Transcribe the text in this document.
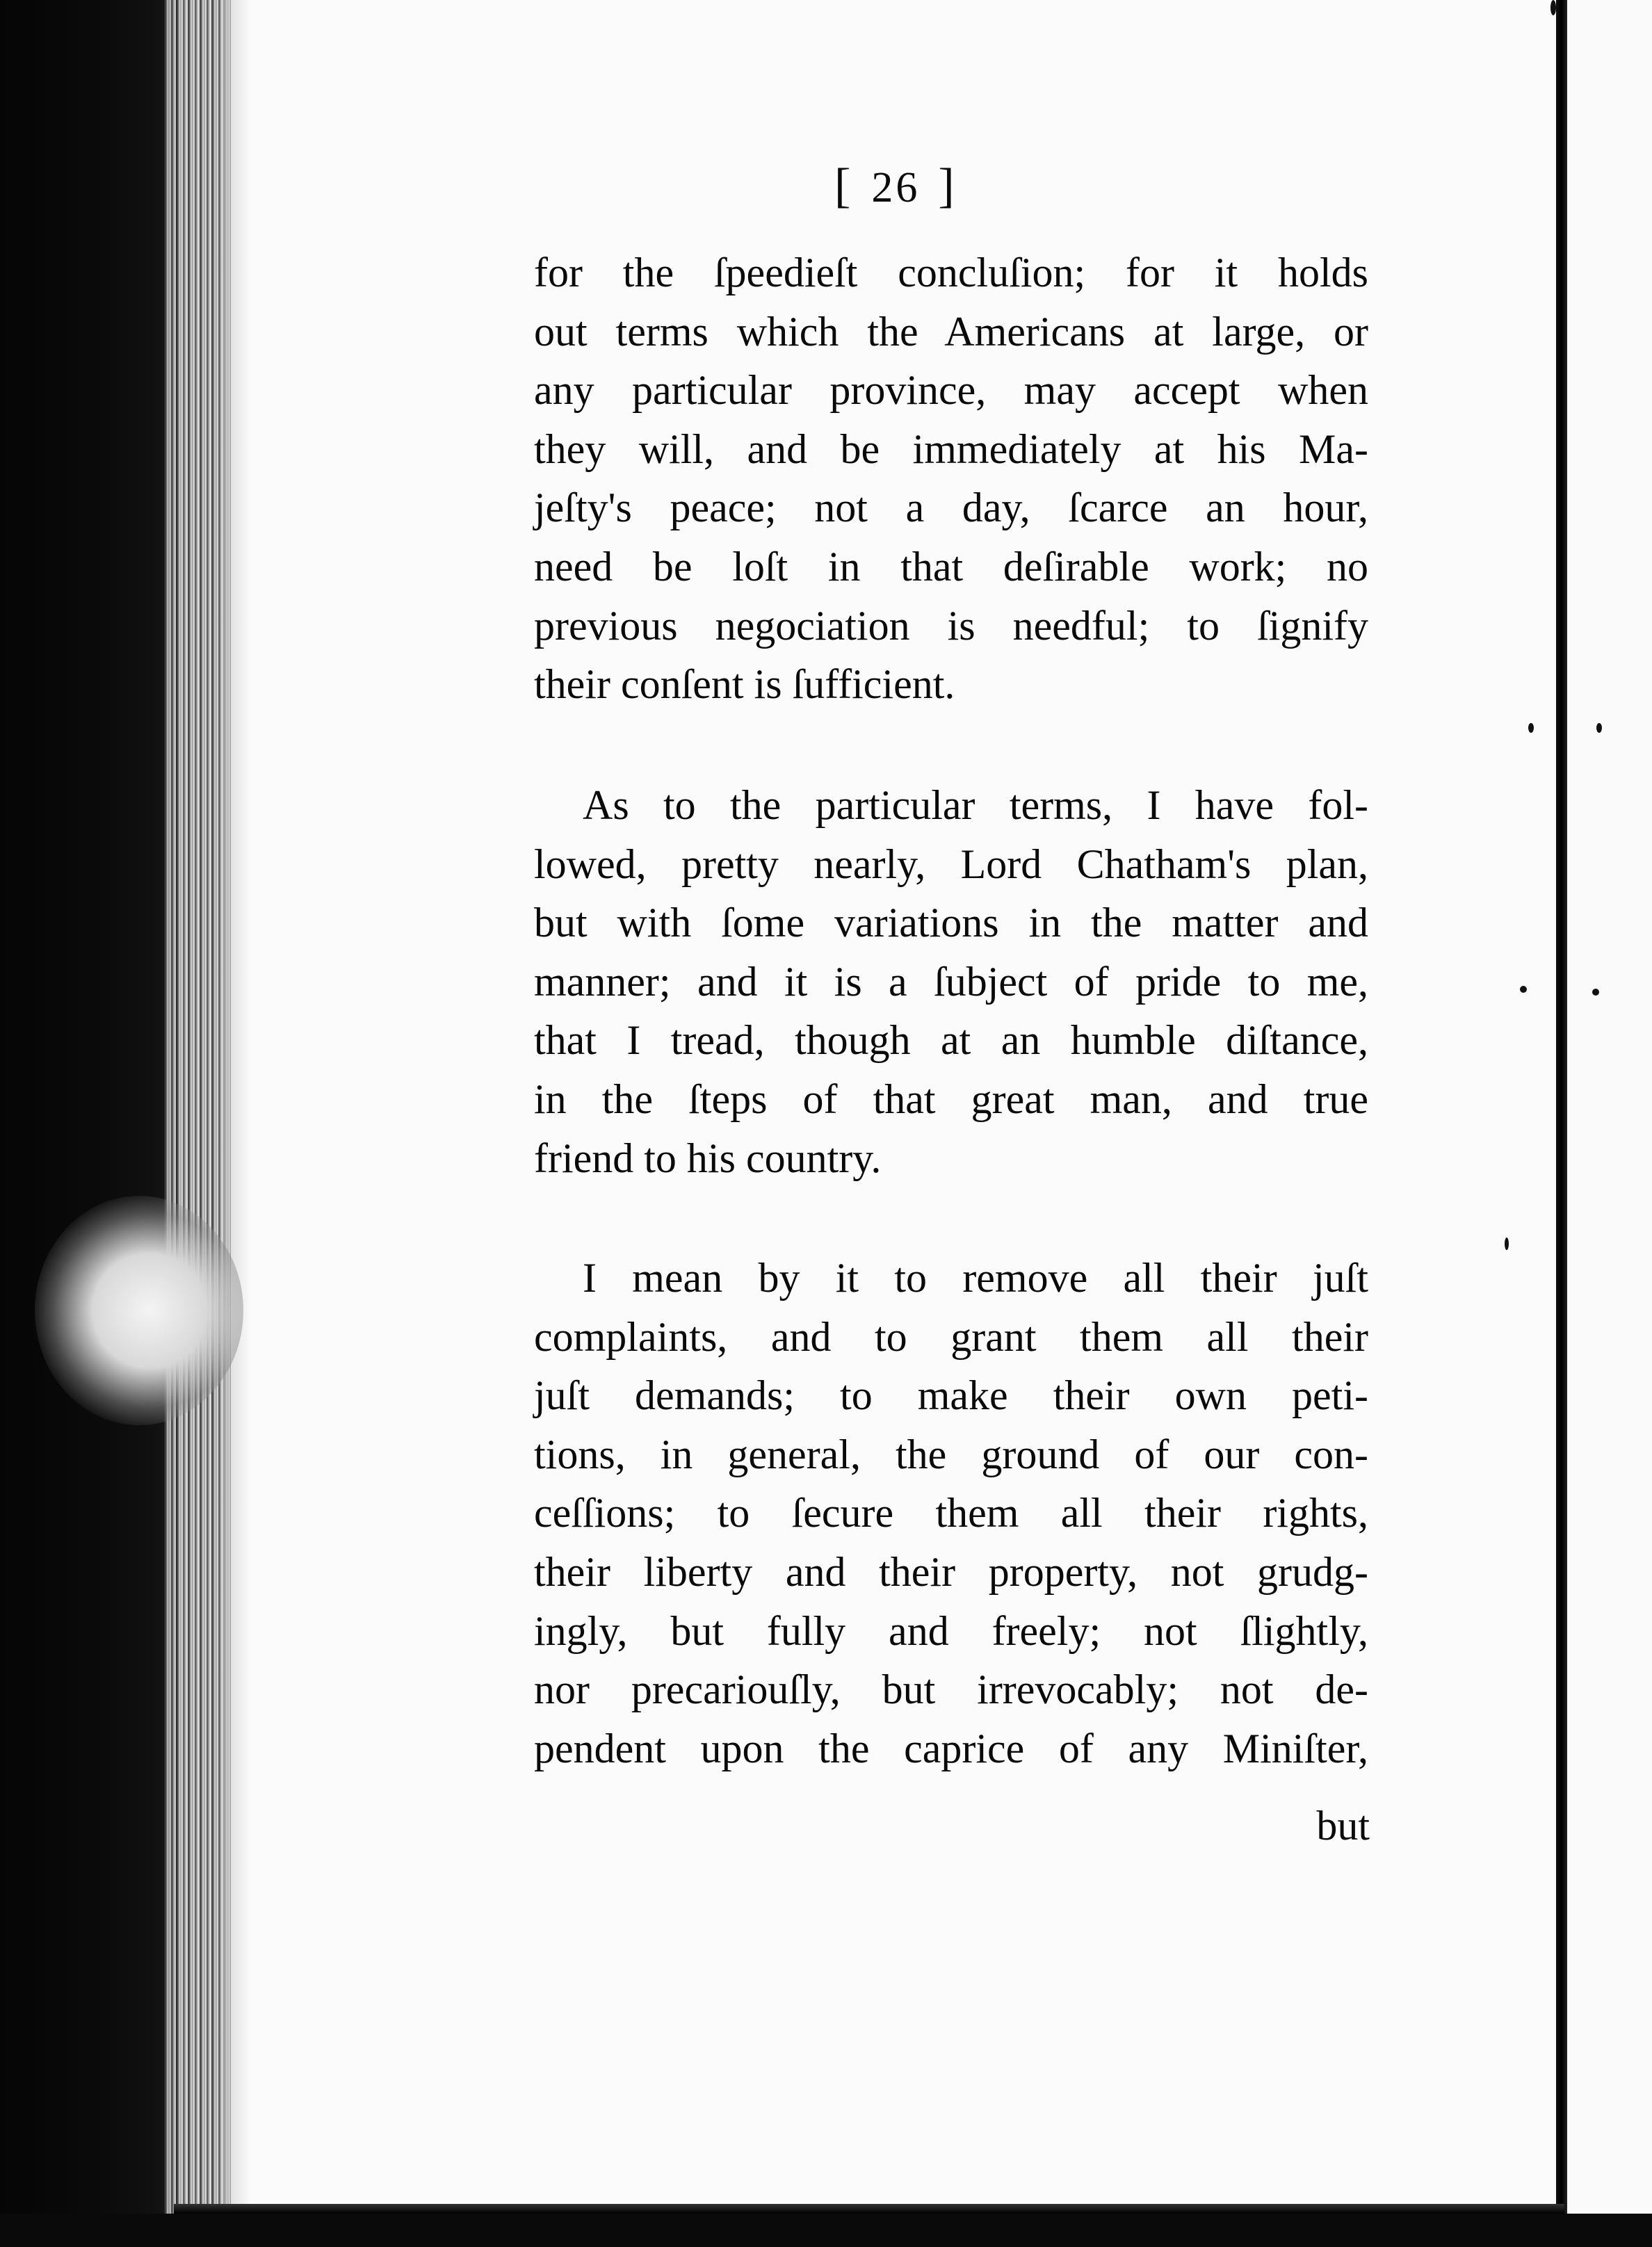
[ 26 ]
for the ſpeedieſt concluſion; for it holds
out terms which the Americans at large, or
any particular province, may accept when
they will, and be immediately at his Ma-
jeſty's peace; not a day, ſcarce an hour,
need be loſt in that deſirable work; no
previous negociation is needful; to ſignify
their conſent is ſufficient.
As to the particular terms, I have fol-
lowed, pretty nearly, Lord Chatham's plan,
but with ſome variations in the matter and
manner; and it is a ſubject of pride to me,
that I tread, though at an humble diſtance,
in the ſteps of that great man, and true
friend to his country.
I mean by it to remove all their juſt
complaints, and to grant them all their
juſt demands; to make their own peti-
tions, in general, the ground of our con-
ceſſions; to ſecure them all their rights,
their liberty and their property, not grudg-
ingly, but fully and freely; not ſlightly,
nor precariouſly, but irrevocably; not de-
pendent upon the caprice of any Miniſter,
but
